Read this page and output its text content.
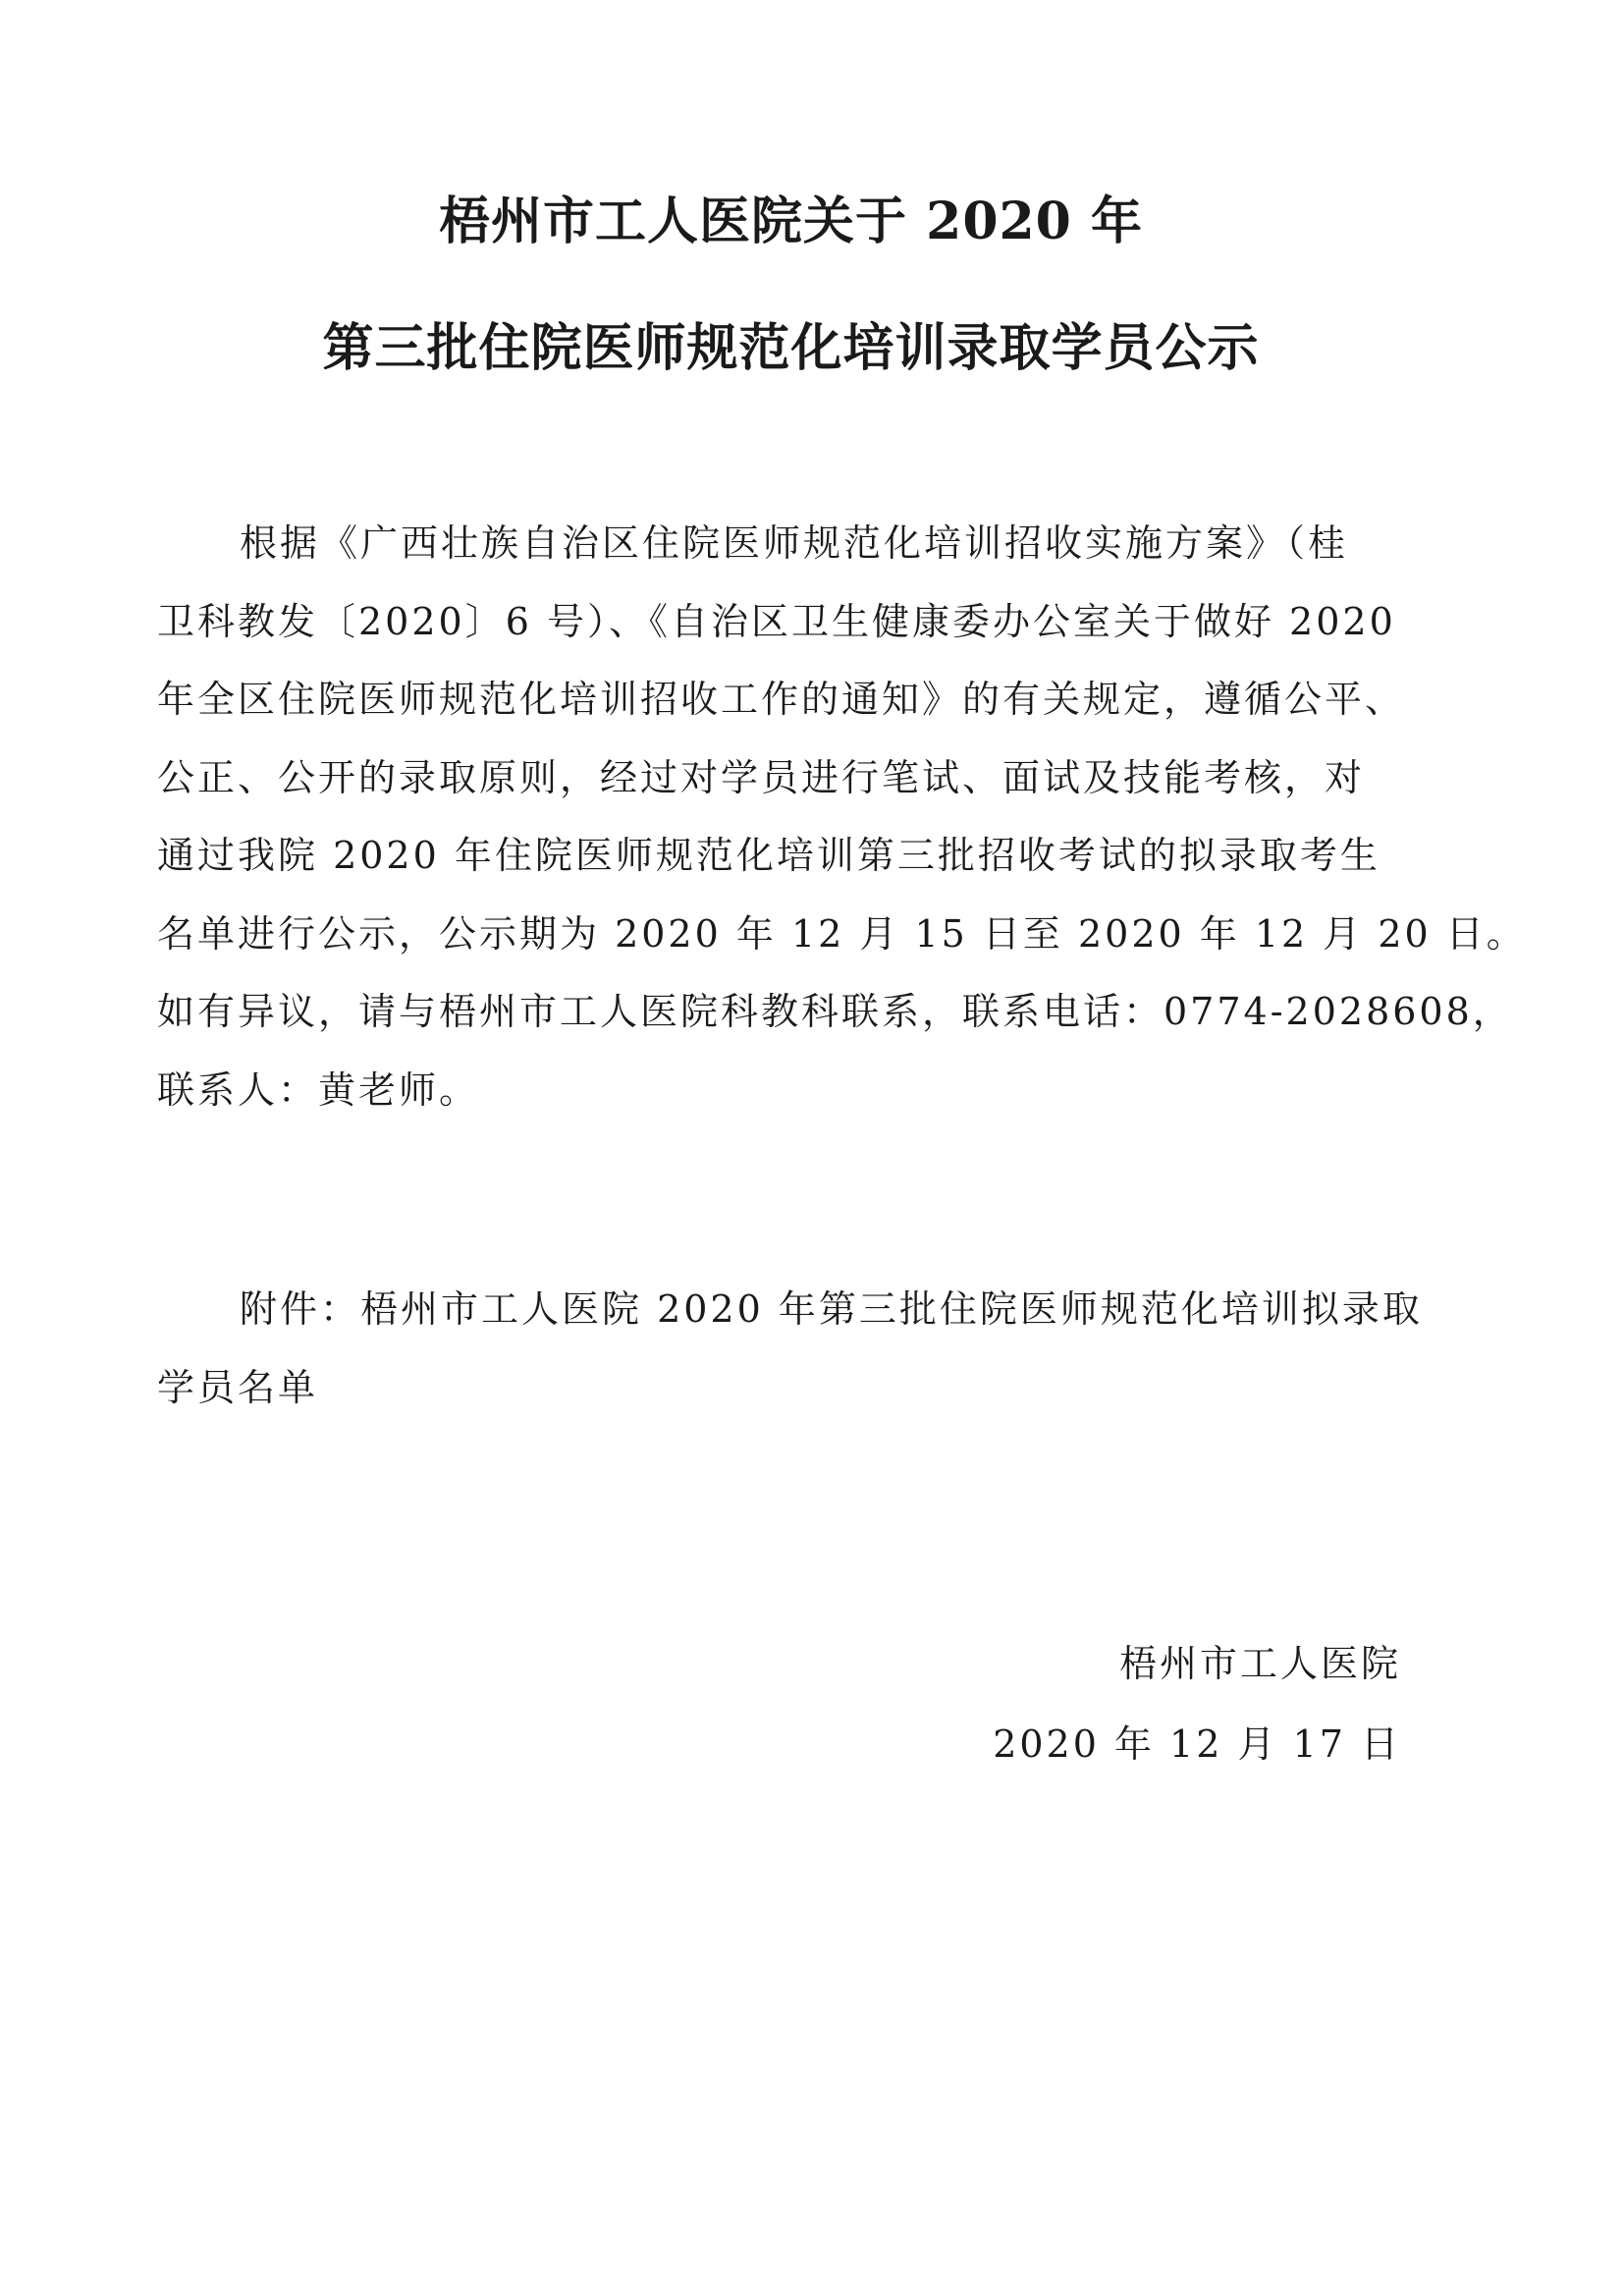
梧州市工人医院关于 2020 年
第三批住院医师规范化培训录取学员公示
根据《广西壮族自治区住院医师规范化培训招收实施方案》（桂
卫科教发〔2020〕6 号）、《自治区卫生健康委办公室关于做好 2020
年全区住院医师规范化培训招收工作的通知》的有关规定，遵循公平、
公正、公开的录取原则，经过对学员进行笔试、面试及技能考核，对
通过我院 2020 年住院医师规范化培训第三批招收考试的拟录取考生
名单进行公示，公示期为 2020 年 12 月 15 日至 2020 年 12 月 20 日。
如有异议，请与梧州市工人医院科教科联系，联系电话：0774-2028608，
联系人：黄老师。
附件：梧州市工人医院 2020 年第三批住院医师规范化培训拟录取
学员名单
梧州市工人医院
2020 年 12 月 17 日
